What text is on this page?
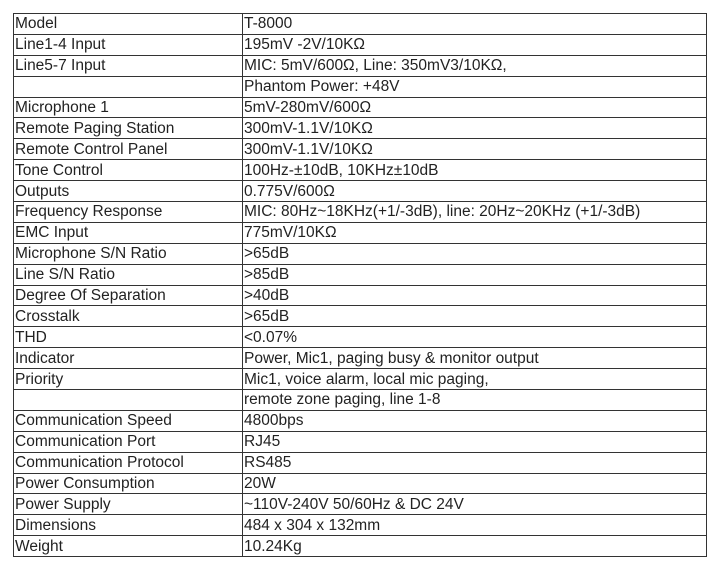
Model	T-8000
Line1-4 Input	195mV -2V/10KΩ
Line5-7 Input	MIC: 5mV/600Ω, Line: 350mV3/10KΩ,
	Phantom Power: +48V
Microphone 1	5mV-280mV/600Ω
Remote Paging Station	300mV-1.1V/10KΩ
Remote Control Panel	300mV-1.1V/10KΩ
Tone Control	100Hz-±10dB, 10KHz±10dB
Outputs	0.775V/600Ω
Frequency Response	MIC: 80Hz~18KHz(+1/-3dB), line: 20Hz~20KHz (+1/-3dB)
EMC Input	775mV/10KΩ
Microphone S/N Ratio	>65dB
Line S/N Ratio	>85dB
Degree Of Separation	>40dB
Crosstalk	>65dB
THD	<0.07%
Indicator	Power, Mic1, paging busy & monitor output
Priority	Mic1, voice alarm, local mic paging,
	remote zone paging, line 1-8
Communication Speed	4800bps
Communication Port	RJ45
Communication Protocol	RS485
Power Consumption	20W
Power Supply	~110V-240V 50/60Hz & DC 24V
Dimensions	484 x 304 x 132mm
Weight	10.24Kg
